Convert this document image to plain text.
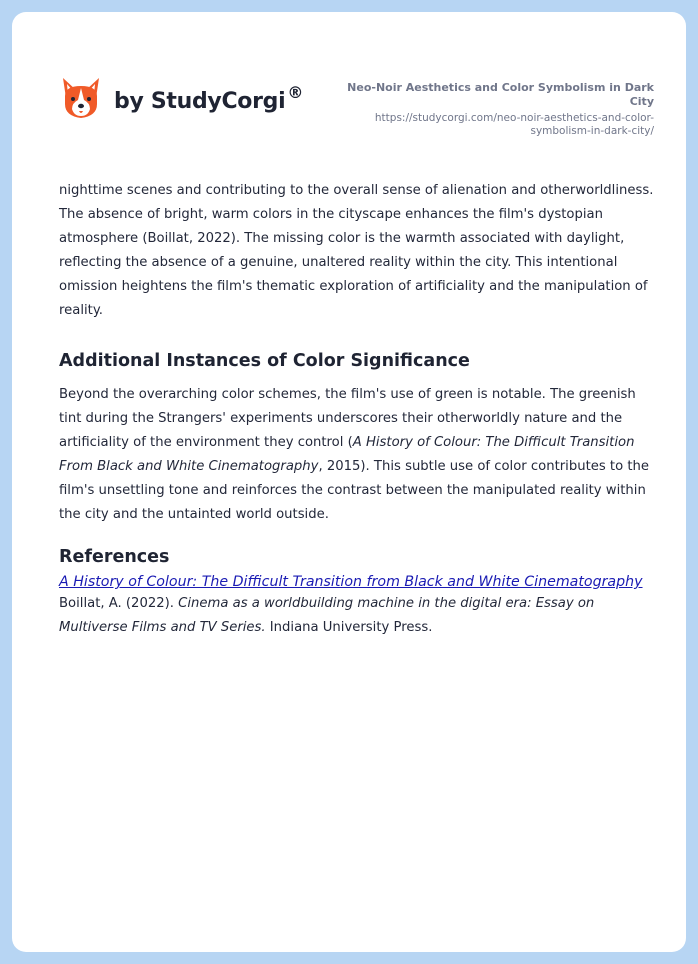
by StudyCorgi ®	Neo-Noir Aesthetics and Color Symbolism in Dark City
https://studycorgi.com/neo-noir-aesthetics-and-color-
symbolism-in-dark-city/

nighttime scenes and contributing to the overall sense of alienation and otherworldliness. The absence of bright, warm colors in the cityscape enhances the film's dystopian atmosphere (Boillat, 2022). The missing color is the warmth associated with daylight, reflecting the absence of a genuine, unaltered reality within the city. This intentional omission heightens the film's thematic exploration of artificiality and the manipulation of reality.

Additional Instances of Color Significance

Beyond the overarching color schemes, the film's use of green is notable. The greenish tint during the Strangers' experiments underscores their otherworldly nature and the artificiality of the environment they control (A History of Colour: The Difficult Transition From Black and White Cinematography, 2015). This subtle use of color contributes to the film's unsettling tone and reinforces the contrast between the manipulated reality within the city and the untainted world outside.

References
A History of Colour: The Difficult Transition from Black and White Cinematography

Boillat, A. (2022). Cinema as a worldbuilding machine in the digital era: Essay on Multiverse Films and TV Series. Indiana University Press.
